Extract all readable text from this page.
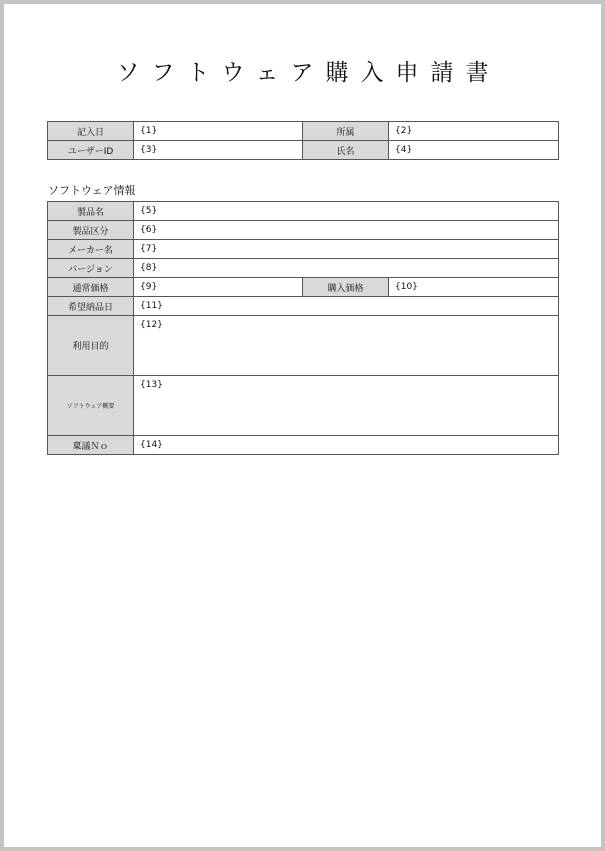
ソフトウェア購入申請書
記入日	{1}	所属	{2}
ユーザーID	{3}	氏名	{4}
ソフトウェア情報
製品名	{5}		
製品区分	{6}		
メーカー名	{7}		
バージョン	{8}		
通常価格	{9}	購入価格	{10}
希望納品日	{11}		
利用目的	{12}		
ソフトウェア概要	{13}		
稟議Ｎｏ	{14}		
